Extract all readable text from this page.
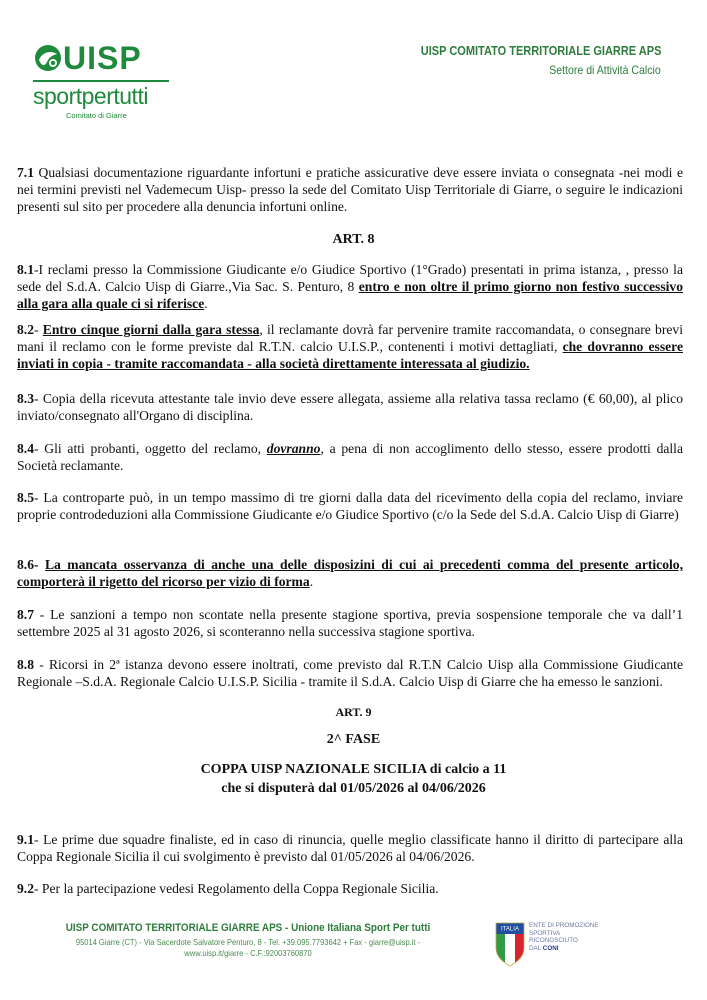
UISP
sportpertutti
Comitato di Giarre
UISP COMITATO TERRITORIALE GIARRE APS
Settore di Attività Calcio
7.1 Qualsiasi documentazione riguardante infortuni e pratiche assicurative deve essere inviata o consegnata -nei modi e nei termini previsti nel Vademecum Uisp- presso la sede del Comitato Uisp Territoriale di Giarre, o seguire le indicazioni presenti sul sito per procedere alla denuncia infortuni online.
ART. 8
8.1-I reclami presso la Commissione Giudicante e/o Giudice Sportivo (1°Grado) presentati in prima istanza, , presso la sede del S.d.A. Calcio Uisp di Giarre.,Via Sac. S. Penturo, 8 entro e non oltre il primo giorno non festivo successivo alla gara alla quale ci si riferisce.
8.2- Entro cinque giorni dalla gara stessa, il reclamante dovrà far pervenire tramite raccomandata, o consegnare brevi mani il reclamo con le forme previste dal R.T.N. calcio U.I.S.P., contenenti i motivi dettagliati, che dovranno essere inviati in copia - tramite raccomandata - alla società direttamente interessata al giudizio.
8.3- Copia della ricevuta attestante tale invio deve essere allegata, assieme alla relativa tassa reclamo (€ 60,00), al plico inviato/consegnato all'Organo di disciplina.
8.4- Gli atti probanti, oggetto del reclamo, dovranno, a pena di non accoglimento dello stesso, essere prodotti dalla Società reclamante.
8.5- La controparte può, in un tempo massimo di tre giorni dalla data del ricevimento della copia del reclamo, inviare proprie controdeduzioni alla Commissione Giudicante e/o Giudice Sportivo (c/o la Sede del S.d.A. Calcio Uisp di Giarre)
8.6- La mancata osservanza di anche una delle disposizini di cui ai precedenti comma del presente articolo, comporterà il rigetto del ricorso per vizio di forma.
8.7 - Le sanzioni a tempo non scontate nella presente stagione sportiva, previa sospensione temporale che va dall’1 settembre 2025 al 31 agosto 2026, si sconteranno nella successiva stagione sportiva.
8.8 - Ricorsi in 2ª istanza devono essere inoltrati, come previsto dal R.T.N Calcio Uisp alla Commissione Giudicante Regionale –S.d.A. Regionale Calcio U.I.S.P. Sicilia - tramite il S.d.A. Calcio Uisp di Giarre che ha emesso le sanzioni.
ART. 9
2^ FASE
COPPA UISP NAZIONALE SICILIA di calcio a 11
che si disputerà dal 01/05/2026 al 04/06/2026
9.1- Le prime due squadre finaliste, ed in caso di rinuncia, quelle meglio classificate hanno il diritto di partecipare alla Coppa Regionale Sicilia il cui svolgimento è previsto dal 01/05/2026 al 04/06/2026.
9.2- Per la partecipazione vedesi Regolamento della Coppa Regionale Sicilia.
UISP COMITATO TERRITORIALE GIARRE APS - Unione Italiana Sport Per tutti
95014 Giarre (CT) - Via Sacerdote Salvatore Penturo, 8 - Tel. +39.095.7793642 + Fax - giarre@uisp.it - www.uisp.it/giarre - C.F.:92003760870
ITALIA
ENTE DI PROMOZIONE
SPORTIVA
RICONOSCIUTO
DAL CONI
